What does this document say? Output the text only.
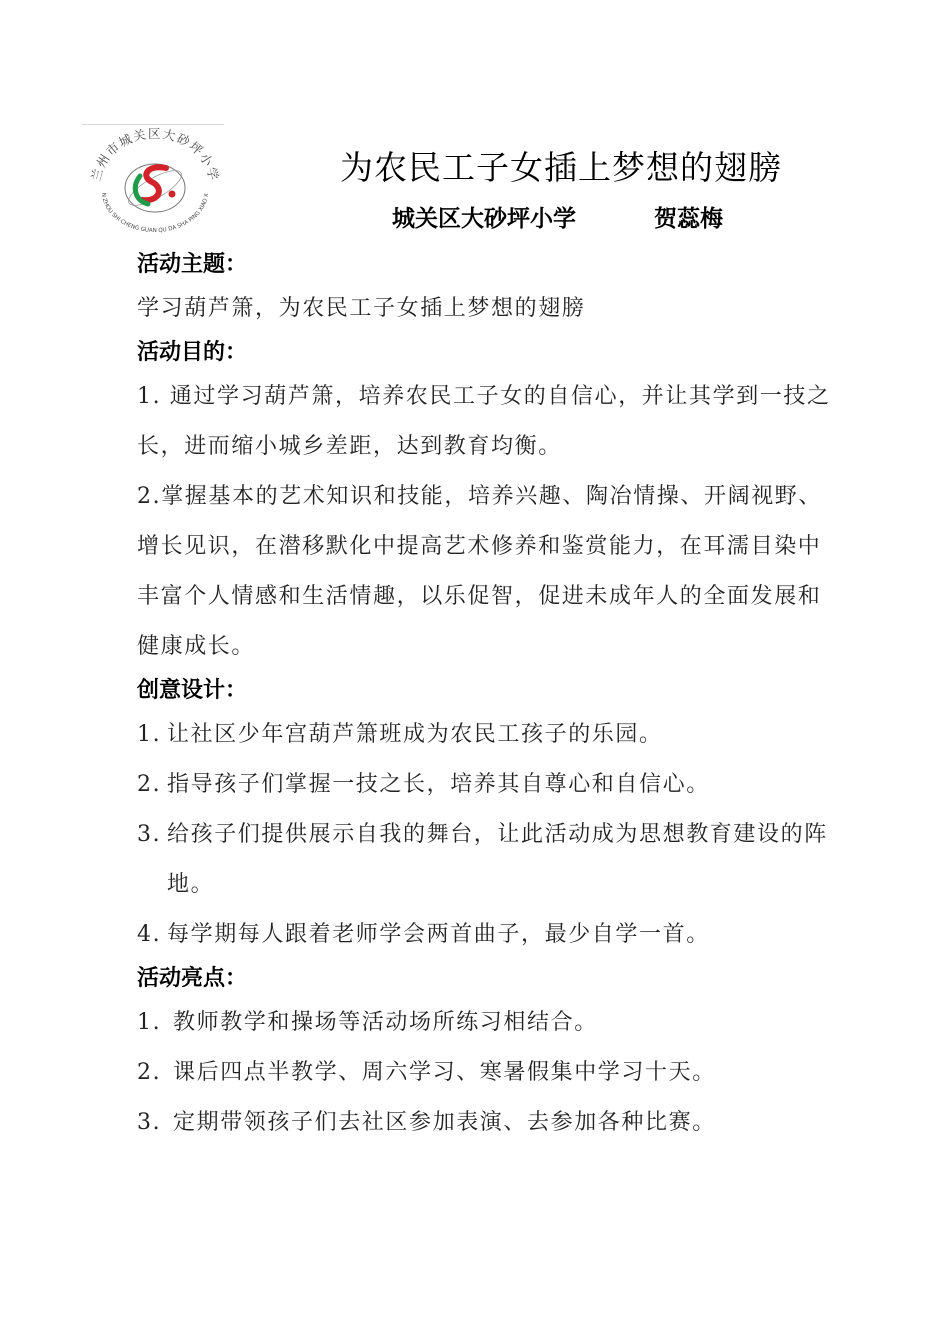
兰州市城关区大砂坪小学
N ZHOU SHI CHENG GUAN QU DA SHA PING XIAO X
为农民工子女插上梦想的翅膀
城关区大砂坪小学	贺蕊梅

活动主题：

学习葫芦箫，为农民工子女插上梦想的翅膀

活动目的：

1. 通过学习葫芦箫，培养农民工子女的自信心，并让其学到一技之长，进而缩小城乡差距，达到教育均衡。

2.掌握基本的艺术知识和技能，培养兴趣、陶冶情操、开阔视野、增长见识，在潜移默化中提高艺术修养和鉴赏能力，在耳濡目染中丰富个人情感和生活情趣，以乐促智，促进未成年人的全面发展和健康成长。

创意设计：

1. 让社区少年宫葫芦箫班成为农民工孩子的乐园。

2. 指导孩子们掌握一技之长，培养其自尊心和自信心。

3. 给孩子们提供展示自我的舞台，让此活动成为思想教育建设的阵地。

4. 每学期每人跟着老师学会两首曲子，最少自学一首。

活动亮点：

1. 教师教学和操场等活动场所练习相结合。

2. 课后四点半教学、周六学习、寒暑假集中学习十天。

3. 定期带领孩子们去社区参加表演、去参加各种比赛。
